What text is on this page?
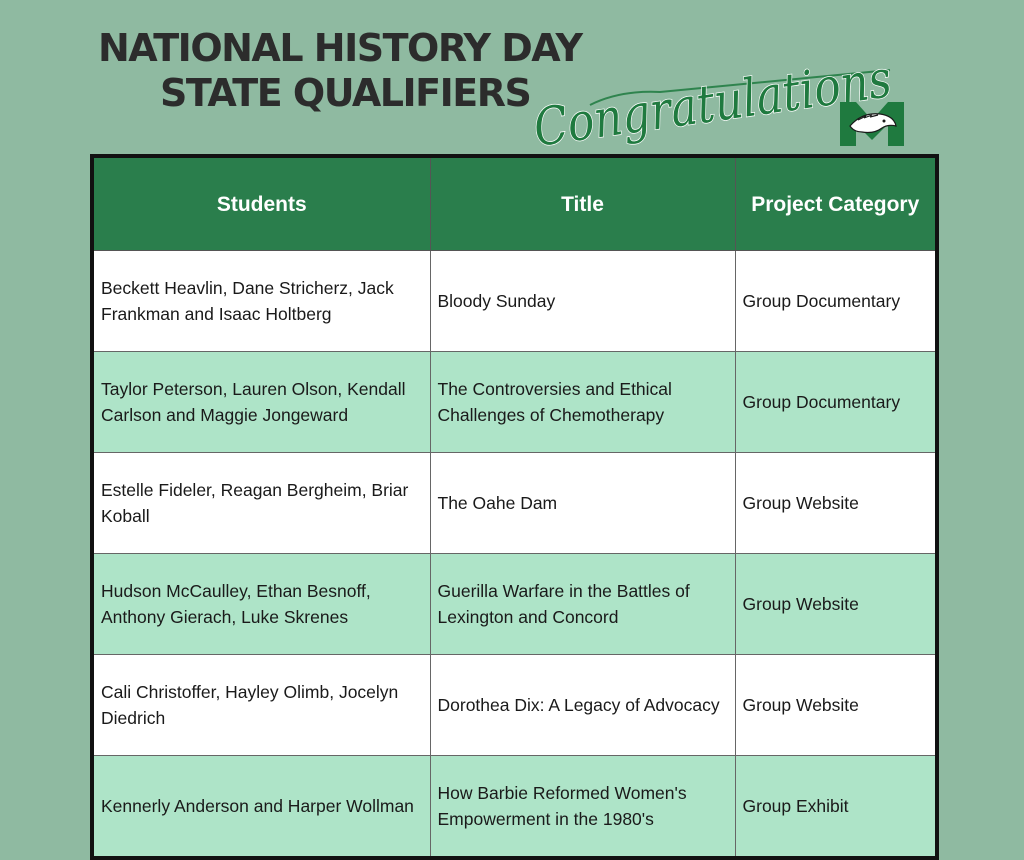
NATIONAL HISTORY DAY
STATE QUALIFIERS Congratulations
Students	Title	Project Category
Beckett Heavlin, Dane Stricherz, Jack Frankman and Isaac Holtberg	Bloody Sunday	Group Documentary
Taylor Peterson, Lauren Olson, Kendall Carlson and Maggie Jongeward	The Controversies and Ethical Challenges of Chemotherapy	Group Documentary
Estelle Fideler, Reagan Bergheim, Briar Koball	The Oahe Dam	Group Website
Hudson McCaulley, Ethan Besnoff, Anthony Gierach, Luke Skrenes	Guerilla Warfare in the Battles of Lexington and Concord	Group Website
Cali Christoffer, Hayley Olimb, Jocelyn Diedrich	Dorothea Dix: A Legacy of Advocacy	Group Website
Kennerly Anderson and Harper Wollman	How Barbie Reformed Women's Empowerment in the 1980's	Group Exhibit
